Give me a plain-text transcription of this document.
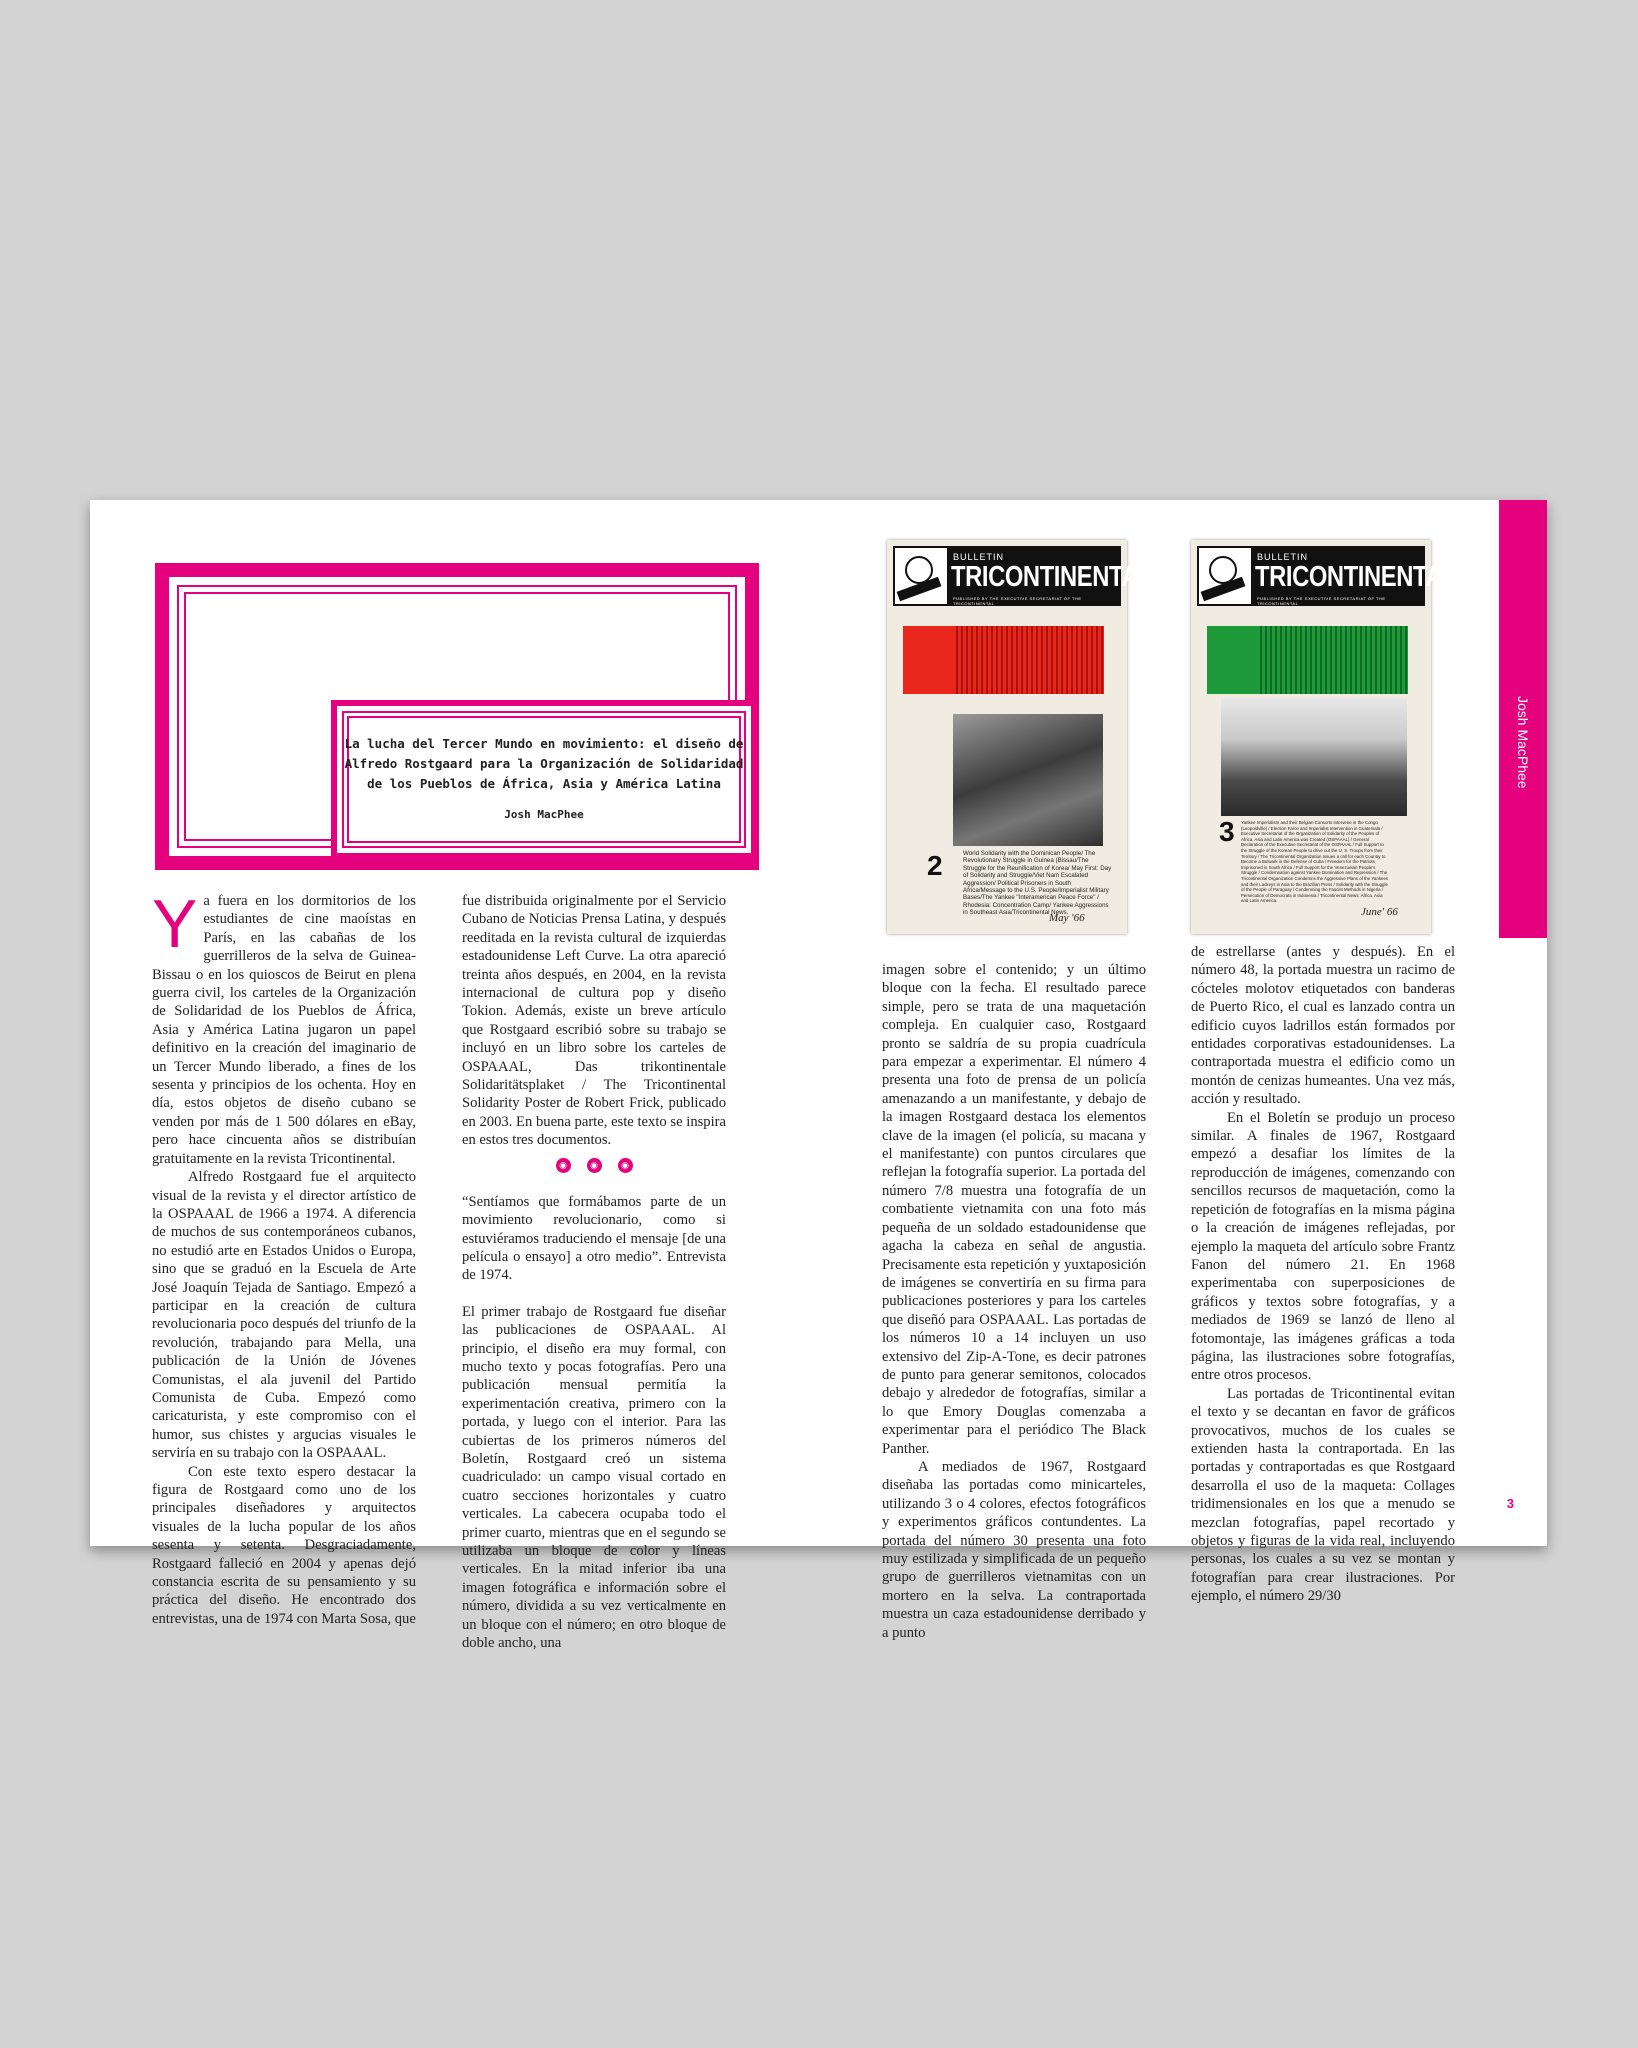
La lucha del Tercer Mundo en movimiento: el diseño de
Alfredo Rostgaard para la Organización de Solidaridad
de los Pueblos de África, Asia y América Latina
Josh MacPhee

Ya fuera en los dormitorios de los estudiantes de cine maoístas en París, en las cabañas de los guerrilleros de la selva de Guinea-Bissau o en los quioscos de Beirut en plena guerra civil, los carteles de la Organización de Solidaridad de los Pueblos de África, Asia y América Latina jugaron un papel definitivo en la creación del imaginario de un Tercer Mundo liberado, a fines de los sesenta y principios de los ochenta. Hoy en día, estos objetos de diseño cubano se venden por más de 1 500 dólares en eBay, pero hace cincuenta años se distribuían gratuitamente en la revista Tricontinental.

Alfredo Rostgaard fue el arquitecto visual de la revista y el director artístico de la OSPAAAL de 1966 a 1974. A diferencia de muchos de sus contemporáneos cubanos, no estudió arte en Estados Unidos o Europa, sino que se graduó en la Escuela de Arte José Joaquín Tejada de Santiago. Empezó a participar en la creación de cultura revolucionaria poco después del triunfo de la revolución, trabajando para Mella, una publicación de la Unión de Jóvenes Comunistas, el ala juvenil del Partido Comunista de Cuba. Empezó como caricaturista, y este compromiso con el humor, sus chistes y argucias visuales le serviría en su trabajo con la OSPAAAL.

Con este texto espero destacar la figura de Rostgaard como uno de los principales diseñadores y arquitectos visuales de la lucha popular de los años sesenta y setenta. Desgraciadamente, Rostgaard falleció en 2004 y apenas dejó constancia escrita de su pensamiento y su práctica del diseño. He encontrado dos entrevistas, una de 1974 con Marta Sosa, que

fue distribuida originalmente por el Servicio Cubano de Noticias Prensa Latina, y después reeditada en la revista cultural de izquierdas estadounidense Left Curve. La otra apareció treinta años después, en 2004, en la revista internacional de cultura pop y diseño Tokion. Además, existe un breve artículo que Rostgaard escribió sobre su trabajo se incluyó en un libro sobre los carteles de OSPAAAL, Das trikontinentale Solidaritätsplaket / The Tricontinental Solidarity Poster de Robert Frick, publicado en 2003. En buena parte, este texto se inspira en estos tres documentos.

◉	◉	◉

“Sentíamos que formábamos parte de un movimiento revolucionario, como si estuviéramos traduciendo el mensaje [de una película o ensayo] a otro medio”. Entrevista de 1974.

El primer trabajo de Rostgaard fue diseñar las publicaciones de OSPAAAL. Al principio, el diseño era muy formal, con mucho texto y pocas fotografías. Pero una publicación mensual permitía la experimentación creativa, primero con la portada, y luego con el interior. Para las cubiertas de los primeros números del Boletín, Rostgaard creó un sistema cuadriculado: un campo visual cortado en cuatro secciones horizontales y cuatro verticales. La cabecera ocupaba todo el primer cuarto, mientras que en el segundo se utilizaba un bloque de color y líneas verticales. En la mitad inferior iba una imagen fotográfica e información sobre el número, dividida a su vez verticalmente en un bloque con el número; en otro bloque de doble ancho, una

BULLETIN
TRICONTINENTAL
PUBLISHED BY THE EXECUTIVE SECRETARIAT OF THE TRICONTINENTAL
2	World Solidarity with the Dominican People/ The Revolutionary Struggle in Guinea (Bissau/The Struggle for the Reunification of Korea/ May First: Day of Solidarity and Struggle/Viet Nam Escalated Aggression/ Political Prisoners in South Africa/Message to the U.S. People/Imperialist Military Bases/The Yankee "Interamerican Peace Force" / Rhodesia: Concentration Camp/ Yankee Aggressions in Southeast Asia/Tricontinental News.
May '66
BULLETIN
TRICONTINENTAL
PUBLISHED BY THE EXECUTIVE SECRETARIAT OF THE TRICONTINENTAL
3 Yankee Imperialism and their Belgian Consorts Intervene in the Congo (Leopoldville) / Election Farce and Imperialist Intervention in Guatemala / Executive Secretariat of the Organization of Solidarity of the Peoples of Africa, Asia and Latin America was Created (OSPAAAL) / General Declaration of the Executive Secretariat of the OSPAAAL / Full Support to the Struggle of the Korean People to drive out the U. S. Troops from their Territory / The Tricontinental Organization Issues a call for each Country to Become a Bulwark in the Defense of Cuba / Freedom for the Patriots Imprisoned in South Africa / Full Support for the Venezuelan People's Struggle / Condemnation against Yankee Domination and Repression / The Tricontinental Organization Condemns the Aggressive Plans of the Yankees and their Lackeys in Asia to the Brazilian Press / Solidarity with the Struggle of the People of Paraguay / Condemning the Fascist Methods in Nigeria / Persecution of Democrats in Indonesia / Tricontinental News: Africa, Asia and Latin America.
June' 66

imagen sobre el contenido; y un último bloque con la fecha. El resultado parece simple, pero se trata de una maquetación compleja. En cualquier caso, Rostgaard pronto se saldría de su propia cuadrícula para empezar a experimentar. El número 4 presenta una foto de prensa de un policía amenazando a un manifestante, y debajo de la imagen Rostgaard destaca los elementos clave de la imagen (el policía, su macana y el manifestante) con puntos circulares que reflejan la fotografía superior. La portada del número 7/8 muestra una fotografía de un combatiente vietnamita con una foto más pequeña de un soldado estadounidense que agacha la cabeza en señal de angustia. Precisamente esta repetición y yuxtaposición de imágenes se convertiría en su firma para publicaciones posteriores y para los carteles que diseñó para OSPAAAL. Las portadas de los números 10 a 14 incluyen un uso extensivo del Zip-A-Tone, es decir patrones de punto para generar semitonos, colocados debajo y alrededor de fotografías, similar a lo que Emory Douglas comenzaba a experimentar para el periódico The Black Panther.

A mediados de 1967, Rostgaard diseñaba las portadas como minicarteles, utilizando 3 o 4 colores, efectos fotográficos y experimentos gráficos contundentes. La portada del número 30 presenta una foto muy estilizada y simplificada de un pequeño grupo de guerrilleros vietnamitas con un mortero en la selva. La contraportada muestra un caza estadounidense derribado y a punto

de estrellarse (antes y después). En el número 48, la portada muestra un racimo de cócteles molotov etiquetados con banderas de Puerto Rico, el cual es lanzado contra un edificio cuyos ladrillos están formados por entidades corporativas estadounidenses. La contraportada muestra el edificio como un montón de cenizas humeantes. Una vez más, acción y resultado.

En el Boletín se produjo un proceso similar. A finales de 1967, Rostgaard empezó a desafiar los límites de la reproducción de imágenes, comenzando con sencillos recursos de maquetación, como la repetición de fotografías en la misma página o la creación de imágenes reflejadas, por ejemplo la maqueta del artículo sobre Frantz Fanon del número 21. En 1968 experimentaba con superposiciones de gráficos y textos sobre fotografías, y a mediados de 1969 se lanzó de lleno al fotomontaje, las imágenes gráficas a toda página, las ilustraciones sobre fotografías, entre otros procesos.

Las portadas de Tricontinental evitan el texto y se decantan en favor de gráficos provocativos, muchos de los cuales se extienden hasta la contraportada. En las portadas y contraportadas es que Rostgaard desarrolla el uso de la maqueta: Collages tridimensionales en los que a menudo se mezclan fotografías, papel recortado y objetos y figuras de la vida real, incluyendo personas, los cuales a su vez se montan y fotografían para crear ilustraciones. Por ejemplo, el número 29/30

Josh MacPhee
3
